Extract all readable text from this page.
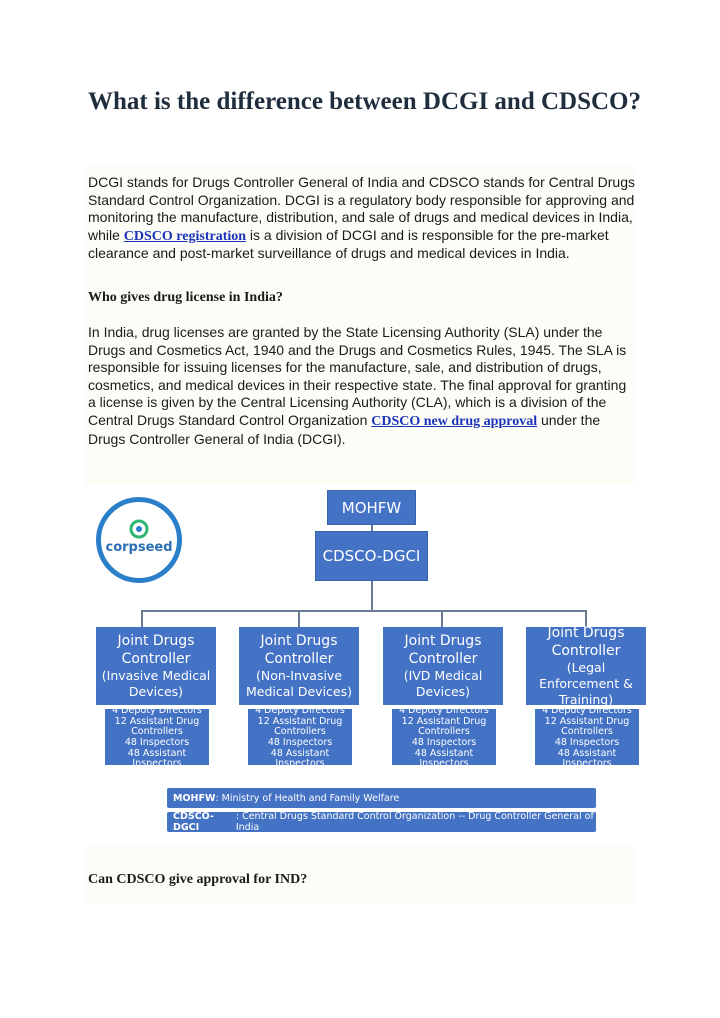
What is the difference between DCGI and CDSCO?

DCGI stands for Drugs Controller General of India and CDSCO stands for Central Drugs Standard Control Organization. DCGI is a regulatory body responsible for approving and monitoring the manufacture, distribution, and sale of drugs and medical devices in India, while CDSCO registration is a division of DCGI and is responsible for the pre-market clearance and post-market surveillance of drugs and medical devices in India.

Who gives drug license in India?

In India, drug licenses are granted by the State Licensing Authority (SLA) under the Drugs and Cosmetics Act, 1940 and the Drugs and Cosmetics Rules, 1945. The SLA is responsible for issuing licenses for the manufacture, sale, and distribution of drugs, cosmetics, and medical devices in their respective state. The final approval for granting a license is given by the Central Licensing Authority (CLA), which is a division of the Central Drugs Standard Control Organization CDSCO new drug approval under the Drugs Controller General of India (DCGI).

corpseed
MOHFW
CDSCO-DGCI
Joint Drugs Controller
(Invasive Medical Devices)
Joint Drugs Controller
(Non-Invasive Medical Devices)
Joint Drugs Controller
(IVD Medical Devices)
Joint Drugs Controller
(Legal Enforcement & Training)
4 Deputy Directors
12 Assistant Drug Controllers
48 Inspectors
48 Assistant Inspectors
4 Deputy Directors
12 Assistant Drug Controllers
48 Inspectors
48 Assistant Inspectors
4 Deputy Directors
12 Assistant Drug Controllers
48 Inspectors
48 Assistant Inspectors
4 Deputy Directors
12 Assistant Drug Controllers
48 Inspectors
48 Assistant Inspectors
MOHFW : Ministry of Health and Family Welfare
CDSCO-DGCI
: Central Drugs Standard Control Organization -- Drug Controller General of India
Can CDSCO give approval for IND?
